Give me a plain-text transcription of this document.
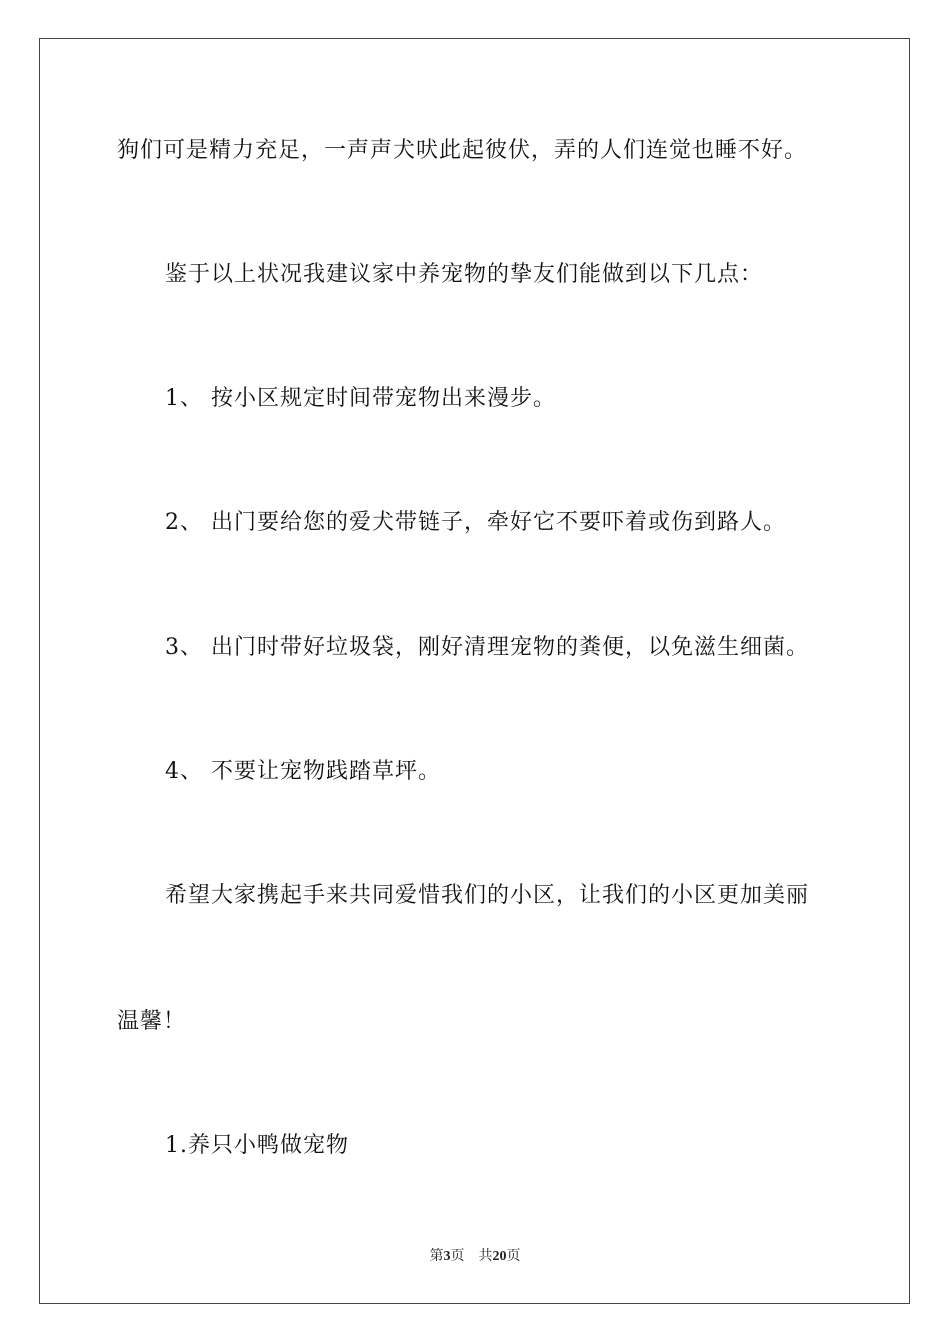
狗们可是精力充足，一声声犬吠此起彼伏，弄的人们连觉也睡不好。
鉴于以上状况我建议家中养宠物的挚友们能做到以下几点：
1、 按小区规定时间带宠物出来漫步。
2、 出门要给您的爱犬带链子，牵好它不要吓着或伤到路人。
3、 出门时带好垃圾袋，刚好清理宠物的粪便，以免滋生细菌。
4、 不要让宠物践踏草坪。
希望大家携起手来共同爱惜我们的小区，让我们的小区更加美丽
温馨！
1.养只小鸭做宠物
第3页 共20页
